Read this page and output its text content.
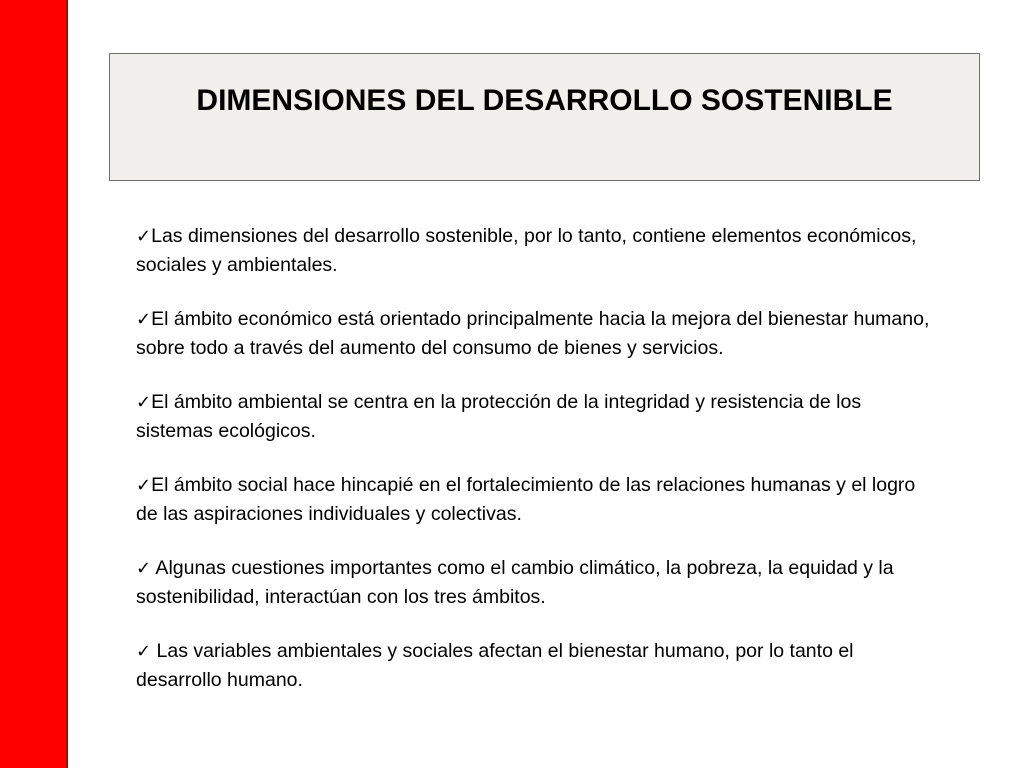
DIMENSIONES DEL DESARROLLO SOSTENIBLE
✓Las dimensiones del desarrollo sostenible, por lo tanto, contiene elementos económicos, sociales y ambientales.
✓El ámbito económico está orientado principalmente hacia la mejora del bienestar humano, sobre todo a través del aumento del consumo de bienes y servicios.
✓El ámbito ambiental se centra en la protección de la integridad y resistencia de los sistemas ecológicos.
✓El ámbito social hace hincapié en el fortalecimiento de las relaciones humanas y el logro de las aspiraciones individuales y colectivas.
✓ Algunas cuestiones importantes como el cambio climático, la pobreza, la equidad y la sostenibilidad, interactúan con los tres ámbitos.
✓ Las variables ambientales y sociales afectan el bienestar humano, por lo tanto el desarrollo humano.
